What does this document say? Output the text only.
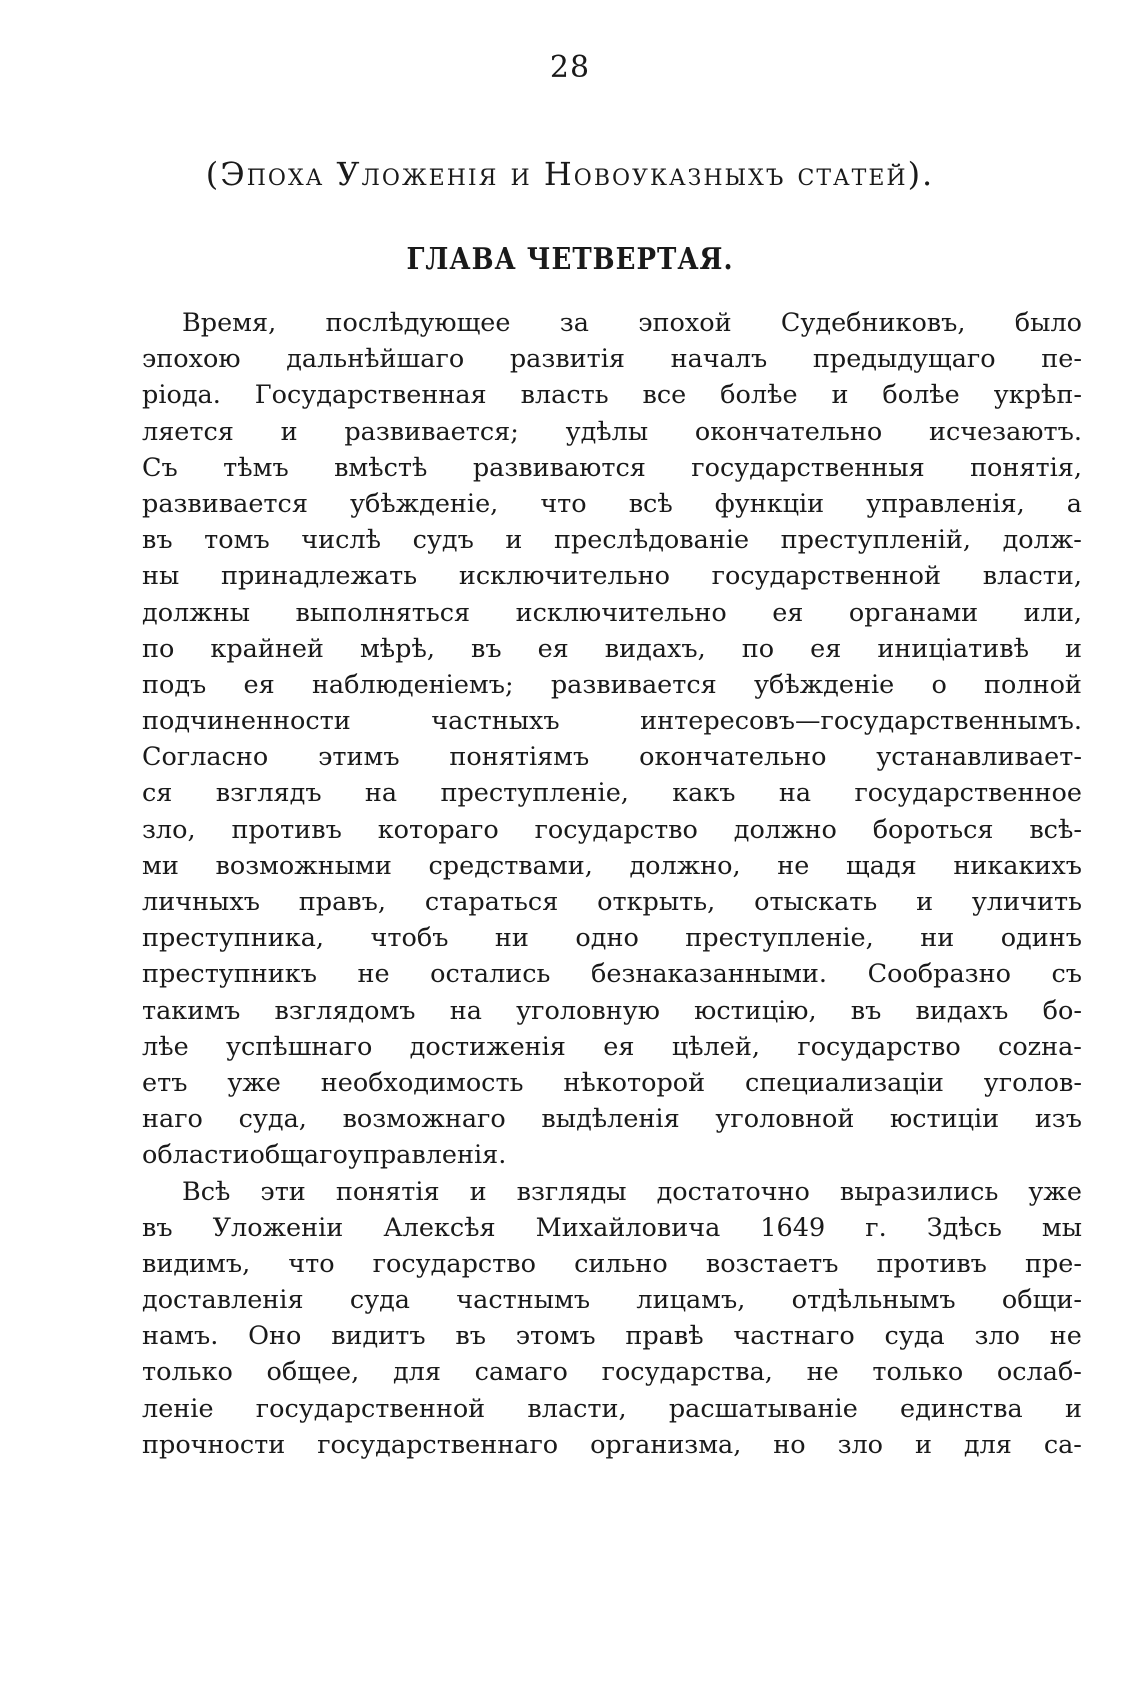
28
(Эпоха Уложенія и Новоуказныхъ статей).
ГЛАВА ЧЕТВЕРТАЯ.
Время, послѣдующее за эпохой Судебниковъ, было
эпохою дальнѣйшаго развитія началъ предыдущаго пе-
ріода. Государственная власть все болѣе и болѣе укрѣп-
ляется и развивается; удѣлы окончательно исчезаютъ.
Съ тѣмъ вмѣстѣ развиваются государственныя понятія,
развивается убѣжденіе, что всѣ функціи управленія, а
въ томъ числѣ судъ и преслѣдованіе преступленій, долж-
ны принадлежать исключительно государственной власти,
должны выполняться исключительно ея органами или,
по крайней мѣрѣ, въ ея видахъ, по ея иниціативѣ и
подъ ея наблюденіемъ; развивается убѣжденіе о полной
подчиненности	частныхъ	интересовъ—государственнымъ.
Согласно этимъ понятіямъ окончательно устанавливает-
ся взглядъ на преступленіе, какъ на государственное
зло, противъ котораго государство должно бороться всѣ-
ми возможными средствами, должно, не щадя никакихъ
личныхъ правъ, стараться открыть, отыскать и уличить
преступника, чтобъ ни одно преступленіе, ни одинъ
преступникъ не остались безнаказанными. Сообразно съ
такимъ взглядомъ на уголовную юстицію, въ видахъ бо-
лѣе успѣшнаго достиженія ея цѣлей, государство сozна-
етъ уже необходимость нѣкоторой специализаціи уголов-
наго суда, возможнаго выдѣленія уголовной юстиціи изъ
области общаго управленія.
Всѣ эти понятія и взгляды достаточно выразились уже
въ Уложеніи Алексѣя Михайловича 1649 г. Здѣсь мы
видимъ, что государство сильно возстаетъ противъ пре-
доставленія суда частнымъ лицамъ, отдѣльнымъ общи-
намъ. Оно видитъ въ этомъ правѣ частнаго суда зло не
только общее, для самаго государства, не только ослаб-
леніе государственной власти, расшатываніе единства и
прочности государственнаго организма, но зло и для са-
